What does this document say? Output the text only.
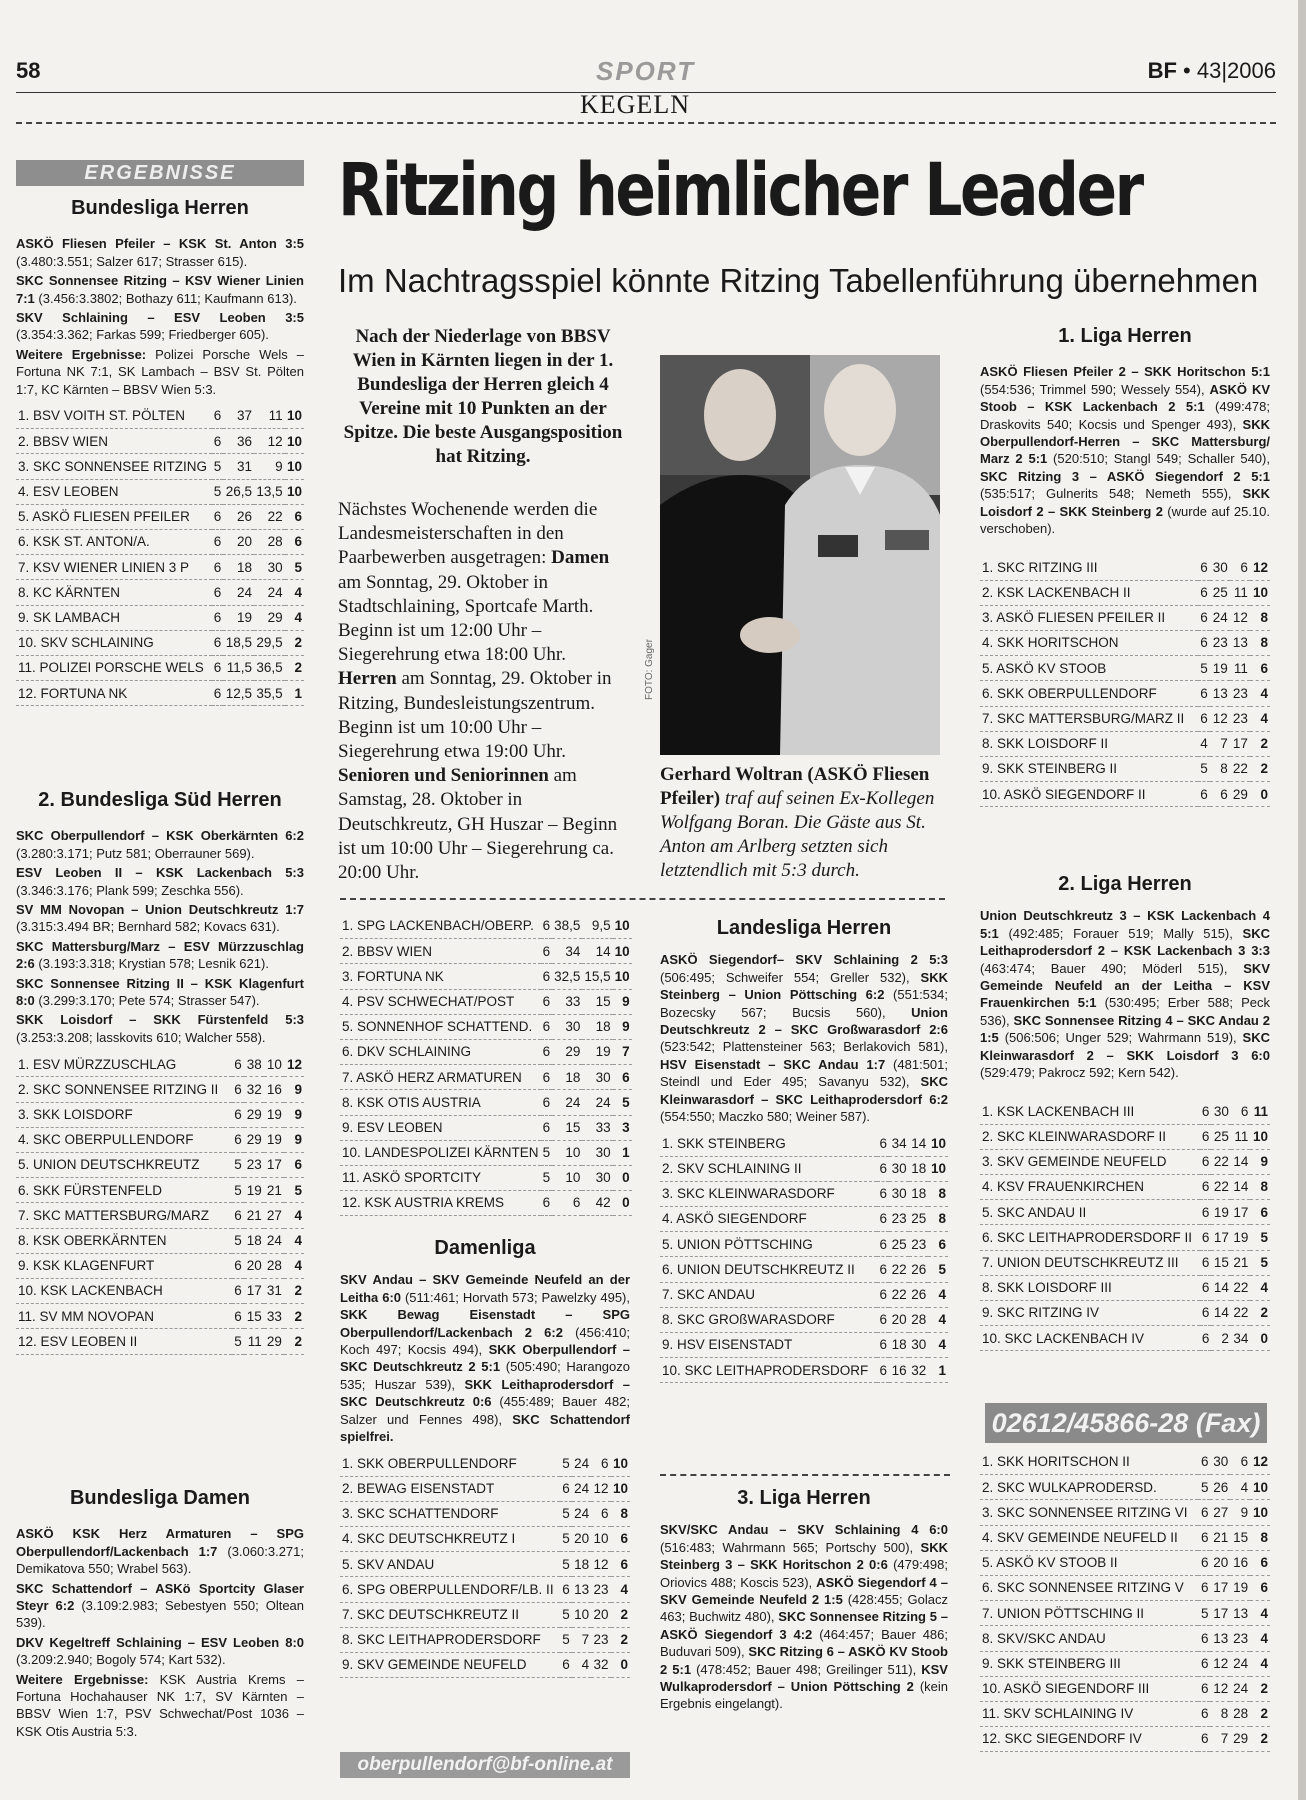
58	SPORT	BF • 43|2006
KEGELN
ERGEBNISSE
Bundesliga Herren

ASKÖ Fliesen Pfeiler – KSK St. Anton 3:5 (3.480:3.551; Salzer 617; Strasser 615).

SKC Sonnensee Ritzing – KSV Wiener Linien 7:1 (3.456:3.3802; Bothazy 611; Kaufmann 613).

SKV Schlaining – ESV Leoben 3:5 (3.354:3.362; Farkas 599; Friedberger 605).

Weitere Ergebnisse: Polizei Porsche Wels – Fortuna NK 7:1, SK Lambach – BSV St. Pölten 1:7, KC Kärnten – BBSV Wien 5:3.

1. BSV VOITH ST. PÖLTEN	6	37	11	10
2. BBSV WIEN	6	36	12	10
3. SKC SONNENSEE RITZING	5	31	9	10
4. ESV LEOBEN	5	26,5	13,5	10
5. ASKÖ FLIESEN PFEILER	6	26	22	6
6. KSK ST. ANTON/A.	6	20	28	6
7. KSV WIENER LINIEN 3 P	6	18	30	5
8. KC KÄRNTEN	6	24	24	4
9. SK LAMBACH	6	19	29	4
10. SKV SCHLAINING	6	18,5	29,5	2
11. POLIZEI PORSCHE WELS	6	11,5	36,5	2
12. FORTUNA NK	6	12,5	35,5	1
2. Bundesliga Süd Herren

SKC Oberpullendorf – KSK Oberkärnten 6:2 (3.280:3.171; Putz 581; Oberrauner 569).

ESV Leoben II – KSK Lackenbach 5:3 (3.346:3.176; Plank 599; Zeschka 556).

SV MM Novopan – Union Deutschkreutz 1:7 (3.315:3.494 BR; Bernhard 582; Kovacs 631).

SKC Mattersburg/Marz – ESV Mürzzuschlag 2:6 (3.193:3.318; Krystian 578; Lesnik 621).

SKC Sonnensee Ritzing II – KSK Klagenfurt 8:0 (3.299:3.170; Pete 574; Strasser 547).

SKK Loisdorf – SKK Fürstenfeld 5:3 (3.253:3.208; lasskovits 610; Walcher 558).

1. ESV MÜRZZUSCHLAG	6	38	10	12
2. SKC SONNENSEE RITZING II	6	32	16	9
3. SKK LOISDORF	6	29	19	9
4. SKC OBERPULLENDORF	6	29	19	9
5. UNION DEUTSCHKREUTZ	5	23	17	6
6. SKK FÜRSTENFELD	5	19	21	5
7. SKC MATTERSBURG/MARZ	6	21	27	4
8. KSK OBERKÄRNTEN	5	18	24	4
9. KSK KLAGENFURT	6	20	28	4
10. KSK LACKENBACH	6	17	31	2
11. SV MM NOVOPAN	6	15	33	2
12. ESV LEOBEN II	5	11	29	2
Bundesliga Damen

ASKÖ KSK Herz Armaturen – SPG Oberpullendorf/Lackenbach 1:7 (3.060:3.271; Demikatova 550; Wrabel 563).

SKC Schattendorf – ASKö Sportcity Glaser Steyr 6:2 (3.109:2.983; Sebestyen 550; Oltean 539).

DKV Kegeltreff Schlaining – ESV Leoben 8:0 (3.209:2.940; Bogoly 574; Kart 532).

Weitere Ergebnisse: KSK Austria Krems – Fortuna Hochahauser NK 1:7, SV Kärnten – BBSV Wien 1:7, PSV Schwechat/Post 1036 – KSK Otis Austria 5:3.

Ritzing heimlicher Leader
Im Nachtragsspiel könnte Ritzing Tabellenführung übernehmen
Nach der Niederlage von BBSV Wien in Kärnten liegen in der 1. Bundesliga der Herren gleich 4 Vereine mit 10 Punkten an der Spitze. Die beste Ausgangsposition hat Ritzing.
Nächstes Wochenende werden die Landesmeisterschaften in den Paarbewerben ausgetragen: Damen am Sonntag, 29. Oktober in Stadtschlaining, Sportcafe Marth. Beginn ist um 12:00 Uhr – Siegerehrung etwa 18:00 Uhr. Herren am Sonntag, 29. Oktober in Ritzing, Bundesleistungszentrum. Beginn ist um 10:00 Uhr – Siegerehrung etwa 19:00 Uhr. Senioren und Seniorinnen am Samstag, 28. Oktober in Deutschkreutz, GH Huszar – Beginn ist um 10:00 Uhr – Siegerehrung ca. 20:00 Uhr.
FOTO: Gager
Gerhard Woltran (ASKÖ Fliesen Pfeiler) traf auf seinen Ex-Kollegen Wolfgang Boran. Die Gäste aus St. Anton am Arlberg setzten sich letztendlich mit 5:3 durch.
1. SPG LACKENBACH/OBERP.	6	38,5	9,5	10
2. BBSV WIEN	6	34	14	10
3. FORTUNA NK	6	32,5	15,5	10
4. PSV SCHWECHAT/POST	6	33	15	9
5. SONNENHOF SCHATTEND.	6	30	18	9
6. DKV SCHLAINING	6	29	19	7
7. ASKÖ HERZ ARMATUREN	6	18	30	6
8. KSK OTIS AUSTRIA	6	24	24	5
9. ESV LEOBEN	6	15	33	3
10. LANDESPOLIZEI KÄRNTEN	5	10	30	1
11. ASKÖ SPORTCITY	5	10	30	0
12. KSK AUSTRIA KREMS	6	6	42	0
Damenliga

SKV Andau – SKV Gemeinde Neufeld an der Leitha 6:0 (511:461; Horvath 573; Pawelzky 495), SKK Bewag Eisenstadt – SPG Oberpullendorf/Lackenbach 2 6:2 (456:410; Koch 497; Kocsis 494), SKK Oberpullendorf – SKC Deutschkreutz 2 5:1 (505:490; Harangozo 535; Huszar 539), SKK Leithaprodersdorf – SKC Deutschkreutz 0:6 (455:489; Bauer 482; Salzer und Fennes 498), SKC Schattendorf spielfrei.

1. SKK OBERPULLENDORF	5	24	6	10
2. BEWAG EISENSTADT	6	24	12	10
3. SKC SCHATTENDORF	5	24	6	8
4. SKC DEUTSCHKREUTZ I	5	20	10	6
5. SKV ANDAU	5	18	12	6
6. SPG OBERPULLENDORF/LB. II	6	13	23	4
7. SKC DEUTSCHKREUTZ II	5	10	20	2
8. SKC LEITHAPRODERSDORF	5	7	23	2
9. SKV GEMEINDE NEUFELD	6	4	32	0
oberpullendorf@bf-online.at
Landesliga Herren

ASKÖ Siegendorf– SKV Schlaining 2 5:3 (506:495; Schweifer 554; Greller 532), SKK Steinberg – Union Pöttsching 6:2 (551:534; Bozecsky 567; Bucsis 560), Union Deutschkreutz 2 – SKC Großwarasdorf 2:6 (523:542; Plattensteiner 563; Berlakovich 581), HSV Eisenstadt – SKC Andau 1:7 (481:501; Steindl und Eder 495; Savanyu 532), SKC Kleinwarasdorf – SKC Leithaprodersdorf 6:2 (554:550; Maczko 580; Weiner 587).

1. SKK STEINBERG	6	34	14	10
2. SKV SCHLAINING II	6	30	18	10
3. SKC KLEINWARASDORF	6	30	18	8
4. ASKÖ SIEGENDORF	6	23	25	8
5. UNION PÖTTSCHING	6	25	23	6
6. UNION DEUTSCHKREUTZ II	6	22	26	5
7. SKC ANDAU	6	22	26	4
8. SKC GROßWARASDORF	6	20	28	4
9. HSV EISENSTADT	6	18	30	4
10. SKC LEITHAPRODERSDORF	6	16	32	1
3. Liga Herren

SKV/SKC Andau – SKV Schlaining 4 6:0 (516:483; Wahrmann 565; Portschy 500), SKK Steinberg 3 – SKK Horitschon 2 0:6 (479:498; Oriovics 488; Koscis 523), ASKÖ Siegendorf 4 – SKV Gemeinde Neufeld 2 1:5 (428:455; Golacz 463; Buchwitz 480), SKC Sonnensee Ritzing 5 – ASKÖ Siegendorf 3 4:2 (464:457; Bauer 486; Buduvari 509), SKC Ritzing 6 – ASKÖ KV Stoob 2 5:1 (478:452; Bauer 498; Greilinger 511), KSV Wulkaprodersdorf – Union Pöttsching 2 (kein Ergebnis eingelangt).

1. Liga Herren

ASKÖ Fliesen Pfeiler 2 – SKK Horitschon 5:1 (554:536; Trimmel 590; Wessely 554), ASKÖ KV Stoob – KSK Lackenbach 2 5:1 (499:478; Draskovits 540; Kocsis und Spenger 493), SKK Oberpullendorf-Herren – SKC Mattersburg/ Marz 2 5:1 (520:510; Stangl 549; Schaller 540), SKC Ritzing 3 – ASKÖ Siegendorf 2 5:1 (535:517; Gulnerits 548; Nemeth 555), SKK Loisdorf 2 – SKK Steinberg 2 (wurde auf 25.10. verschoben).

1. SKC RITZING III	6	30	6	12
2. KSK LACKENBACH II	6	25	11	10
3. ASKÖ FLIESEN PFEILER II	6	24	12	8
4. SKK HORITSCHON	6	23	13	8
5. ASKÖ KV STOOB	5	19	11	6
6. SKK OBERPULLENDORF	6	13	23	4
7. SKC MATTERSBURG/MARZ II	6	12	23	4
8. SKK LOISDORF II	4	7	17	2
9. SKK STEINBERG II	5	8	22	2
10. ASKÖ SIEGENDORF II	6	6	29	0
2. Liga Herren

Union Deutschkreutz 3 – KSK Lackenbach 4 5:1 (492:485; Forauer 519; Mally 515), SKC Leithaprodersdorf 2 – KSK Lackenbach 3 3:3 (463:474; Bauer 490; Möderl 515), SKV Gemeinde Neufeld an der Leitha – KSV Frauenkirchen 5:1 (530:495; Erber 588; Peck 536), SKC Sonnensee Ritzing 4 – SKC Andau 2 1:5 (506:506; Unger 529; Wahrmann 519), SKC Kleinwarasdorf 2 – SKK Loisdorf 3 6:0 (529:479; Pakrocz 592; Kern 542).

1. KSK LACKENBACH III	6	30	6	11
2. SKC KLEINWARASDORF II	6	25	11	10
3. SKV GEMEINDE NEUFELD	6	22	14	9
4. KSV FRAUENKIRCHEN	6	22	14	8
5. SKC ANDAU II	6	19	17	6
6. SKC LEITHAPRODERSDORF II	6	17	19	5
7. UNION DEUTSCHKREUTZ III	6	15	21	5
8. SKK LOISDORF III	6	14	22	4
9. SKC RITZING IV	6	14	22	2
10. SKC LACKENBACH IV	6	2	34	0
02612/45866-28 (Fax)
1. SKK HORITSCHON II	6	30	6	12
2. SKC WULKAPRODERSD.	5	26	4	10
3. SKC SONNENSEE RITZING VI	6	27	9	10
4. SKV GEMEINDE NEUFELD II	6	21	15	8
5. ASKÖ KV STOOB II	6	20	16	6
6. SKC SONNENSEE RITZING V	6	17	19	6
7. UNION PÖTTSCHING II	5	17	13	4
8. SKV/SKC ANDAU	6	13	23	4
9. SKK STEINBERG III	6	12	24	4
10. ASKÖ SIEGENDORF III	6	12	24	2
11. SKV SCHLAINING IV	6	8	28	2
12. SKC SIEGENDORF IV	6	7	29	2
